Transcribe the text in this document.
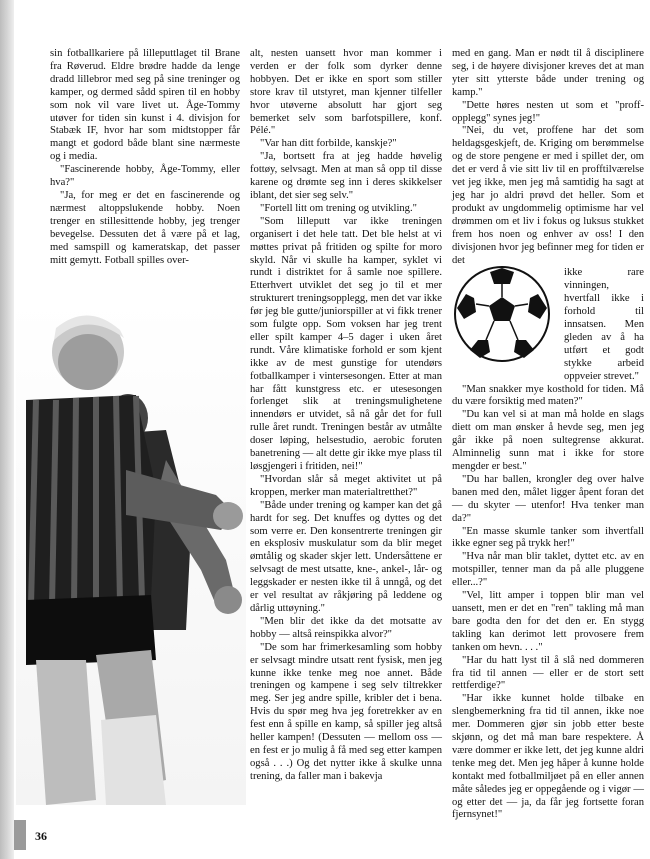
sin fotballkariere på lilleputtlaget til Brane fra Røverud. Eldre brødre hadde da lenge dradd lillebror med seg på sine treninger og kamper, og dermed sådd spiren til en hobby som nok vil vare livet ut. Åge-Tommy utøver for tiden sin kunst i 4. divisjon for Stabæk IF, hvor har som midtstopper får mangt et godord både blant sine nærmeste og i media.

"Fascinerende hobby, Åge-Tommy, eller hva?"

"Ja, for meg er det en fascinerende og nærmest altoppslukende hobby. Noen trenger en stillesittende hobby, jeg trenger bevegelse. Dessuten det å være på et lag, med samspill og kameratskap, det passer mitt gemytt. Fotball spilles over-

alt, nesten uansett hvor man kommer i verden er der folk som dyrker denne hobbyen. Det er ikke en sport som stiller store krav til utstyret, man kjenner tilfeller hvor utøverne absolutt har gjort seg bemerket selv som barfotspillere, konf. Pélé."

"Var han ditt forbilde, kanskje?"

"Ja, bortsett fra at jeg hadde høvelig fottøy, selvsagt. Men at man så opp til disse karene og drømte seg inn i deres skikkelser iblant, det sier seg selv."

"Fortell litt om trening og utvikling."

"Som lilleputt var ikke treningen organisert i det hele tatt. Det ble helst at vi møttes privat på fritiden og spilte for moro skyld. Når vi skulle ha kamper, syklet vi rundt i distriktet for å samle noe spillere. Etterhvert utviklet det seg jo til et mer strukturert treningsopplegg, men det var ikke før jeg ble gutte/juniorspiller at vi fikk trener som fulgte opp. Som voksen har jeg trent eller spilt kamper 4–5 dager i uken året rundt. Våre klimatiske forhold er som kjent ikke av de mest gunstige for utendørs fotballkamper i vintersesongen. Etter at man har fått kunstgress etc. er utesesongen forlenget slik at treningsmulighetene innendørs er utvidet, så nå går det for full rulle året rundt. Treningen består av utmålte doser løping, helsestudio, aerobic foruten banetrening — alt dette gir ikke mye plass til løsgjengeri i fritiden, nei!"

"Hvordan slår så meget aktivitet ut på kroppen, merker man materialtretthet?"

"Både under trening og kamper kan det gå hardt for seg. Det knuffes og dyttes og det som verre er. Den konsentrerte treningen gir en eksplosiv muskulatur som da blir meget ømtålig og skader skjer lett. Undersåttene er selvsagt de mest utsatte, kne-, ankel-, lår- og leggskader er nesten ikke til å unngå, og det er vel resultat av råkjøring på leddene og dårlig uttøyning."

"Men blir det ikke da det motsatte av hobby — altså reinspikka alvor?"

"De som har frimerkesamling som hobby er selvsagt mindre utsatt rent fysisk, men jeg kunne ikke tenke meg noe annet. Både treningen og kampene i seg selv tiltrekker meg. Ser jeg andre spille, kribler det i bena. Hvis du spør meg hva jeg foretrekker av en fest enn å spille en kamp, så spiller jeg altså heller kampen! (Dessuten — mellom oss — en fest er jo mulig å få med seg etter kampen også . . .) Og det nytter ikke å skulke unna trening, da faller man i bakevja

med en gang. Man er nødt til å disciplinere seg, i de høyere divisjoner kreves det at man yter sitt ytterste både under trening og kamp."

"Dette høres nesten ut som et "proff-opplegg" synes jeg!"

"Nei, du vet, proffene har det som heldagsgeskjeft, de. Kriging om berømmelse og de store pengene er med i spillet der, om det er verd å vie sitt liv til en profftilværelse vet jeg ikke, men jeg må samtidig ha sagt at jeg har jo aldri prøvd det heller. Som et produkt av ungdommelig optimisme har vel drømmen om et liv i fokus og luksus stukket frem hos noen og enhver av oss! I den divisjonen hvor jeg befinner meg for tiden er det

ikke rare vinningen, hvertfall ikke i forhold til innsatsen. Men gleden av å ha utført et godt stykke arbeid oppveier strevet."

"Man snakker mye kosthold for tiden. Må du være forsiktig med maten?"

"Du kan vel si at man må holde en slags diett om man ønsker å hevde seg, men jeg går ikke på noen sultegrense akkurat. Alminnelig sunn mat i ikke for store mengder er best."

"Du har ballen, krongler deg over halve banen med den, målet ligger åpent foran det — du skyter — utenfor! Hva tenker man da?"

"En masse skumle tanker som ihvertfall ikke egner seg på trykk her!"

"Hva når man blir taklet, dyttet etc. av en motspiller, tenner man da på alle pluggene eller...?"

"Vel, litt amper i toppen blir man vel uansett, men er det en "ren" takling må man bare godta den for det den er. En stygg takling kan derimot lett provosere frem tanken om hevn. . . ."

"Har du hatt lyst til å slå ned dommeren fra tid til annen — eller er de stort sett rettferdige?"

"Har ikke kunnet holde tilbake en slengbemerkning fra tid til annen, ikke noe mer. Dommeren gjør sin jobb etter beste skjønn, og det må man bare respektere. Å være dommer er ikke lett, det jeg kunne aldri tenke meg det. Men jeg håper å kunne holde kontakt med fotballmiljøet på en eller annen måte således jeg er oppegående og i vigør — og etter det — ja, da får jeg fortsette foran fjernsynet!"

36
